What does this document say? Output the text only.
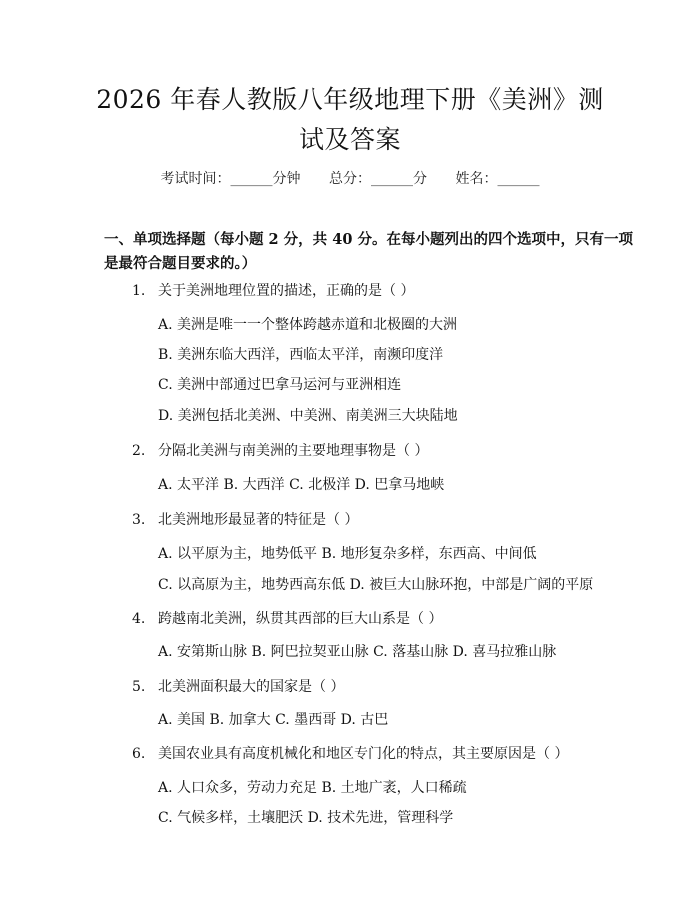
2026 年春人教版八年级地理下册《美洲》测
试及答案
考试时间：______分钟 总分：______分 姓名：______
一、单项选择题（每小题 2 分，共 40 分。在每小题列出的四个选项中，只有一项
是最符合题目要求的。）
1. 关于美洲地理位置的描述，正确的是（ ）
A. 美洲是唯一一个整体跨越赤道和北极圈的大洲
B. 美洲东临大西洋，西临太平洋，南濒印度洋
C. 美洲中部通过巴拿马运河与亚洲相连
D. 美洲包括北美洲、中美洲、南美洲三大块陆地
2. 分隔北美洲与南美洲的主要地理事物是（ ）
A. 太平洋 B. 大西洋 C. 北极洋 D. 巴拿马地峡
3. 北美洲地形最显著的特征是（ ）
A. 以平原为主，地势低平 B. 地形复杂多样，东西高、中间低
C. 以高原为主，地势西高东低 D. 被巨大山脉环抱，中部是广阔的平原
4. 跨越南北美洲，纵贯其西部的巨大山系是（ ）
A. 安第斯山脉 B. 阿巴拉契亚山脉 C. 落基山脉 D. 喜马拉雅山脉
5. 北美洲面积最大的国家是（ ）
A. 美国 B. 加拿大 C. 墨西哥 D. 古巴
6. 美国农业具有高度机械化和地区专门化的特点，其主要原因是（ ）
A. 人口众多，劳动力充足 B. 土地广袤，人口稀疏
C. 气候多样，土壤肥沃 D. 技术先进，管理科学
